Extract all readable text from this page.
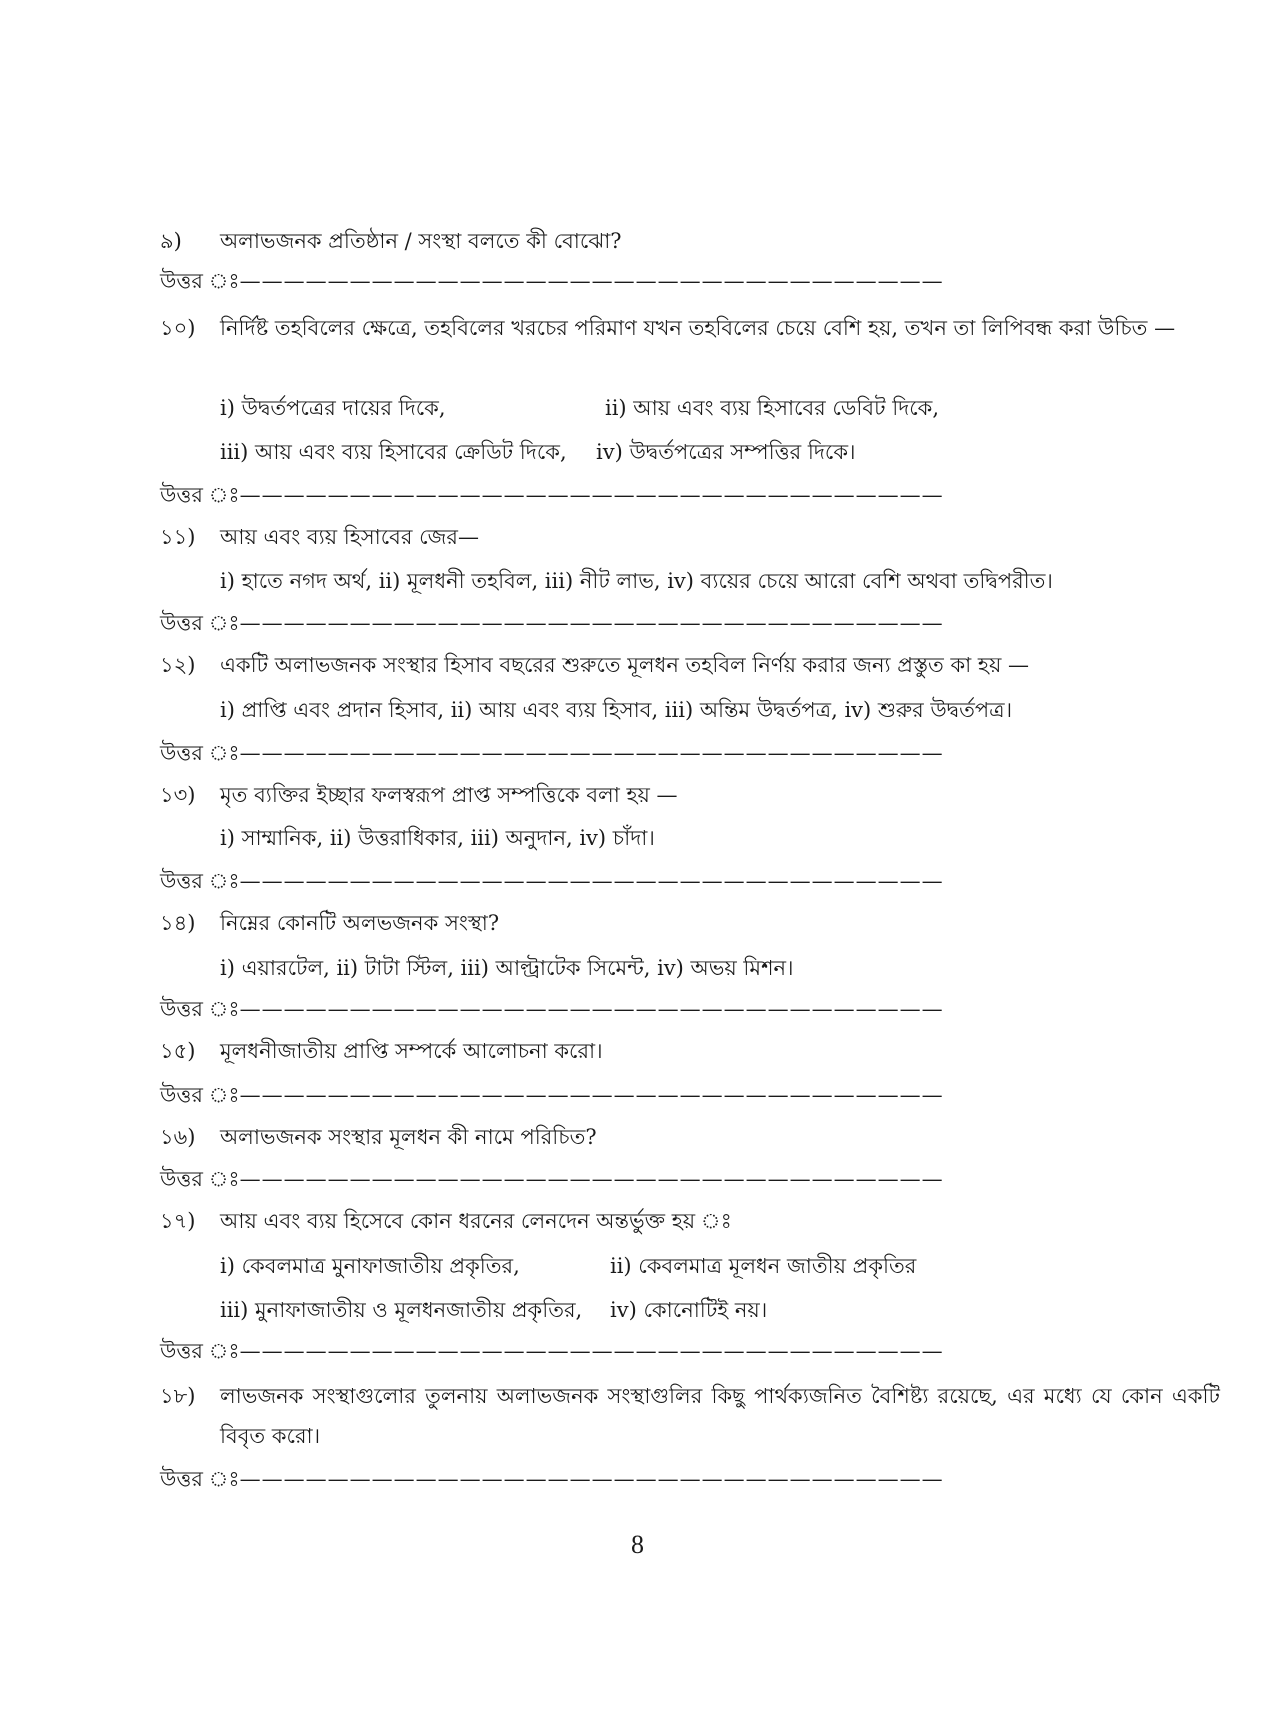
৯)	অলাভজনক প্রতিষ্ঠান / সংস্থা বলতে কী বোঝো?
উত্তর ঃ————————————————————————————————
১০)	নির্দিষ্ট তহবিলের ক্ষেত্রে, তহবিলের খরচের পরিমাণ যখন তহবিলের চেয়ে বেশি হয়, তখন তা লিপিবন্ধ করা উচিত —
i) উদ্বর্তপত্রের দায়ের দিকে,	ii) আয় এবং ব্যয় হিসাবের ডেবিট দিকে,
iii) আয় এবং ব্যয় হিসাবের ক্রেডিট দিকে, iv) উদ্বর্তপত্রের সম্পত্তির দিকে।
উত্তর ঃ————————————————————————————————
১১)	আয় এবং ব্যয় হিসাবের জের—
i) হাতে নগদ অর্থ, ii) মূলধনী তহবিল, iii) নীট লাভ, iv) ব্যয়ের চেয়ে আরো বেশি অথবা তদ্বিপরীত।
উত্তর ঃ————————————————————————————————
১২)	একটি অলাভজনক সংস্থার হিসাব বছরের শুরুতে মূলধন তহবিল নির্ণয় করার জন্য প্রস্তুত কা হয় —
i) প্রাপ্তি এবং প্রদান হিসাব, ii) আয় এবং ব্যয় হিসাব, iii) অন্তিম উদ্বর্তপত্র, iv) শুরুর উদ্বর্তপত্র।
উত্তর ঃ————————————————————————————————
১৩)	মৃত ব্যক্তির ইচ্ছার ফলস্বরূপ প্রাপ্ত সম্পত্তিকে বলা হয় —
i) সাম্মানিক, ii) উত্তরাধিকার, iii) অনুদান, iv) চাঁদা।
উত্তর ঃ————————————————————————————————
১৪)	নিম্নের কোনটি অলভজনক সংস্থা?
i) এয়ারটেল, ii) টাটা স্টিল, iii) আল্ট্রাটেক সিমেন্ট, iv) অভয় মিশন।
উত্তর ঃ————————————————————————————————
১৫)	মূলধনীজাতীয় প্রাপ্তি সম্পর্কে আলোচনা করো।
উত্তর ঃ————————————————————————————————
১৬)	অলাভজনক সংস্থার মূলধন কী নামে পরিচিত?
উত্তর ঃ————————————————————————————————
১৭)	আয় এবং ব্যয় হিসেবে কোন ধরনের লেনদেন অন্তর্ভুক্ত হয় ঃ
i) কেবলমাত্র মুনাফাজাতীয় প্রকৃতির,	ii) কেবলমাত্র মূলধন জাতীয় প্রকৃতির
iii) মুনাফাজাতীয় ও মূলধনজাতীয় প্রকৃতির, iv) কোনোটিই নয়।
উত্তর ঃ————————————————————————————————
১৮)	লাভজনক সংস্থাগুলোর তুলনায় অলাভজনক সংস্থাগুলির কিছু পার্থক্যজনিত বৈশিষ্ট্য রয়েছে, এর মধ্যে যে কোন একটি বিবৃত করো।
উত্তর ঃ————————————————————————————————
8
